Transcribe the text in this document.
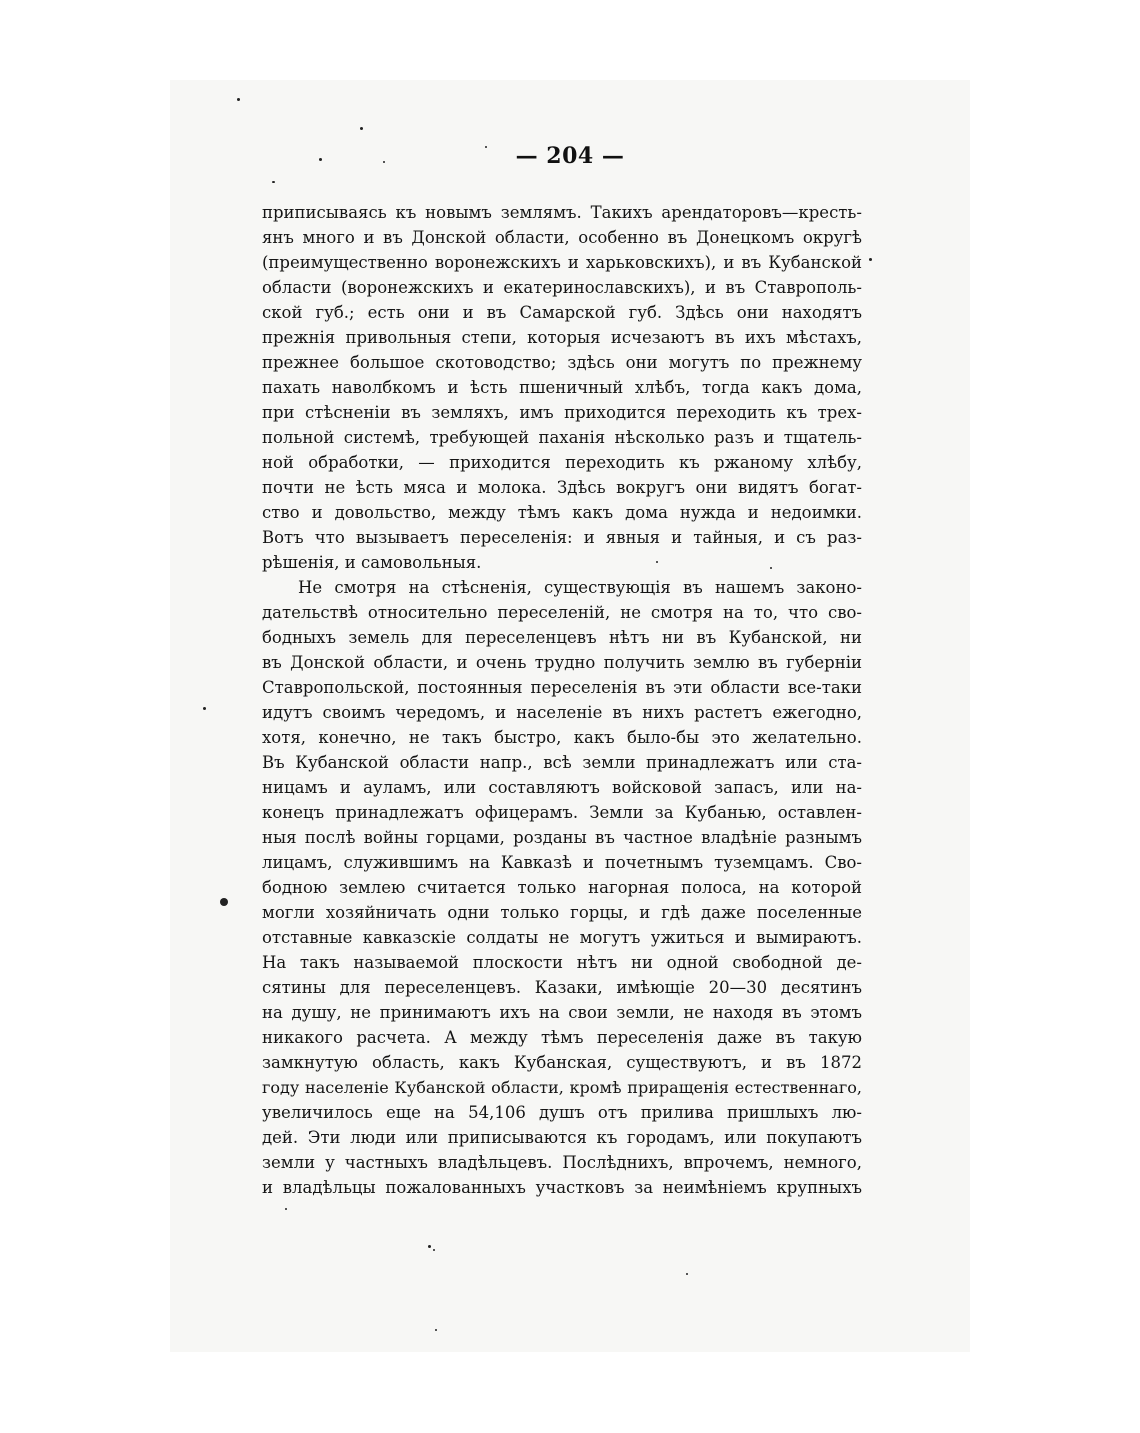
— 204 —
приписываясь къ новымъ землямъ. Такихъ арендаторовъ—кресть-
янъ много и въ Донской области, особенно въ Донецкомъ округѣ
(преимущественно воронежскихъ и харьковскихъ), и въ Кубанской
области (воронежскихъ и екатеринославскихъ), и въ Ставрополь-
ской губ.; есть они и въ Самарской губ. Здѣсь они находятъ
прежнія привольныя степи, которыя исчезаютъ въ ихъ мѣстахъ,
прежнее большое скотоводство; здѣсь они могутъ по прежнему
пахать наволбкомъ и ѣсть пшеничный хлѣбъ, тогда какъ дома,
при стѣсненіи въ земляхъ, имъ приходится переходить къ трех-
польной системѣ, требующей паханія нѣсколько разъ и тщатель-
ной обработки, — приходится переходить къ ржаному хлѣбу,
почти не ѣсть мяса и молока. Здѣсь вокругъ они видятъ богат-
ство и довольство, между тѣмъ какъ дома нужда и недоимки.
Вотъ что вызываетъ переселенія: и явныя и тайныя, и съ раз-
рѣшенія, и самовольныя.
Не смотря на стѣсненія, существующія въ нашемъ законо-
дательствѣ относительно переселеній, не смотря на то, что сво-
бодныхъ земель для переселенцевъ нѣтъ ни въ Кубанской, ни
въ Донской области, и очень трудно получить землю въ губерніи
Ставропольской, постоянныя переселенія въ эти области все-таки
идутъ своимъ чередомъ, и населеніе въ нихъ растетъ ежегодно,
хотя, конечно, не такъ быстро, какъ было-бы это желательно.
Въ Кубанской области напр., всѣ земли принадлежатъ или ста-
ницамъ и ауламъ, или составляютъ войсковой запасъ, или на-
конецъ принадлежатъ офицерамъ. Земли за Кубанью, оставлен-
ныя послѣ войны горцами, розданы въ частное владѣніе разнымъ
лицамъ, служившимъ на Кавказѣ и почетнымъ туземцамъ. Сво-
бодною землею считается только нагорная полоса, на которой
могли хозяйничать одни только горцы, и гдѣ даже поселенные
отставные кавказскіе солдаты не могутъ ужиться и вымираютъ.
На такъ называемой плоскости нѣтъ ни одной свободной де-
сятины для переселенцевъ. Казаки, имѣющіе 20—30 десятинъ
на душу, не принимаютъ ихъ на свои земли, не находя въ этомъ
никакого расчета. А между тѣмъ переселенія даже въ такую
замкнутую область, какъ Кубанская, существуютъ, и въ 1872
году населеніе Кубанской области, кромѣ приращенія естественнаго,
увеличилось еще на 54,106 душъ отъ прилива пришлыхъ лю-
дей. Эти люди или приписываются къ городамъ, или покупаютъ
земли у частныхъ владѣльцевъ. Послѣднихъ, впрочемъ, немного,
и владѣльцы пожалованныхъ участковъ за неимѣніемъ крупныхъ
